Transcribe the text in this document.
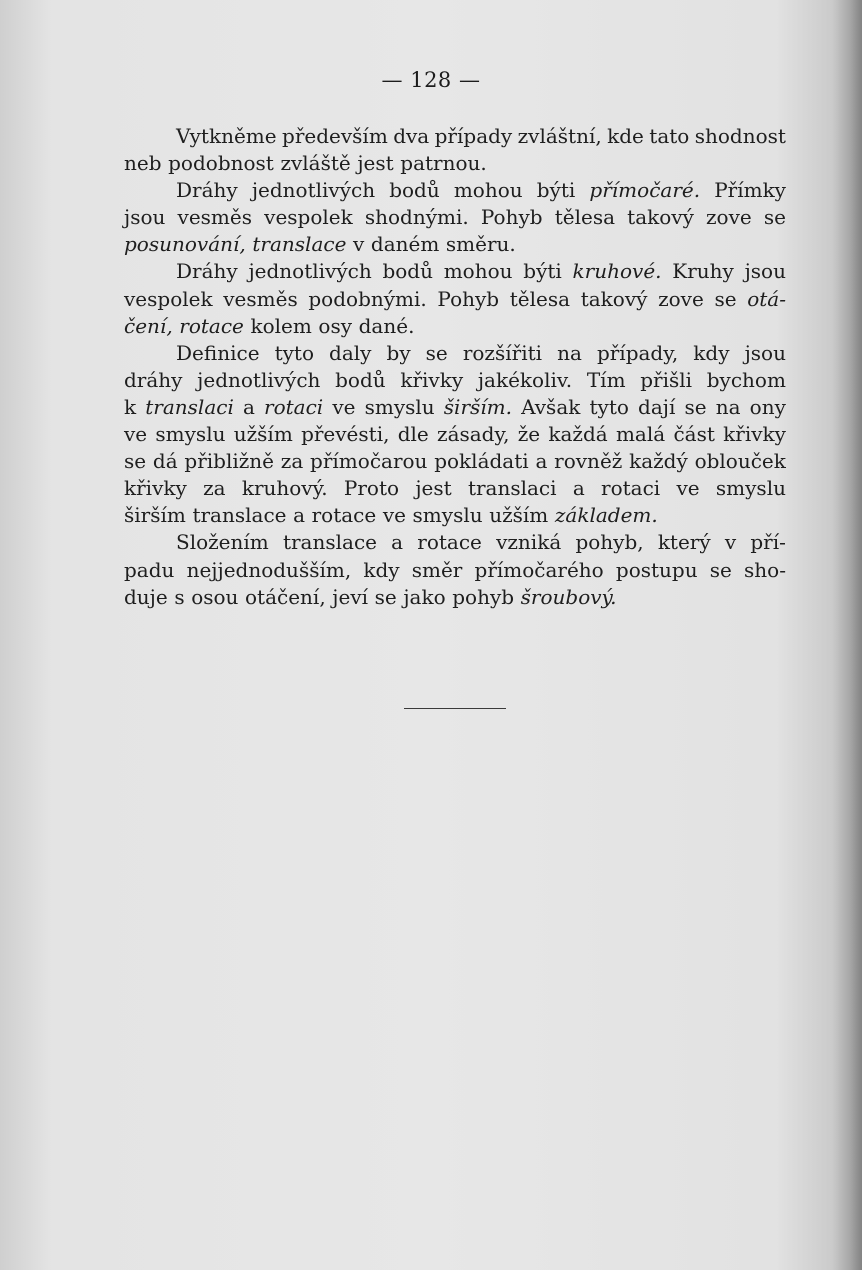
— 128 —
Vytkněme především dva případy zvláštní, kde tato shodnost
neb podobnost zvláště jest patrnou.
Dráhy jednotlivých bodů mohou býti přímočaré. Přímky
jsou vesměs vespolek shodnými. Pohyb tělesa takový zove se
posunování, translace v daném směru.
Dráhy jednotlivých bodů mohou býti kruhové. Kruhy jsou
vespolek vesměs podobnými. Pohyb tělesa takový zove se otá-
čení, rotace kolem osy dané.
Definice tyto daly by se rozšířiti na případy, kdy jsou
dráhy jednotlivých bodů křivky jakékoliv. Tím přišli bychom
k translaci a rotaci ve smyslu širším. Avšak tyto dají se na ony
ve smyslu užším převésti, dle zásady, že každá malá část křivky
se dá přibližně za přímočarou pokládati a rovněž každý oblouček
křivky za kruhový. Proto jest translaci a rotaci ve smyslu
širším translace a rotace ve smyslu užším základem.
Složením translace a rotace vzniká pohyb, který v pří-
padu nejjednodušším, kdy směr přímočarého postupu se sho-
duje s osou otáčení, jeví se jako pohyb šroubový.
